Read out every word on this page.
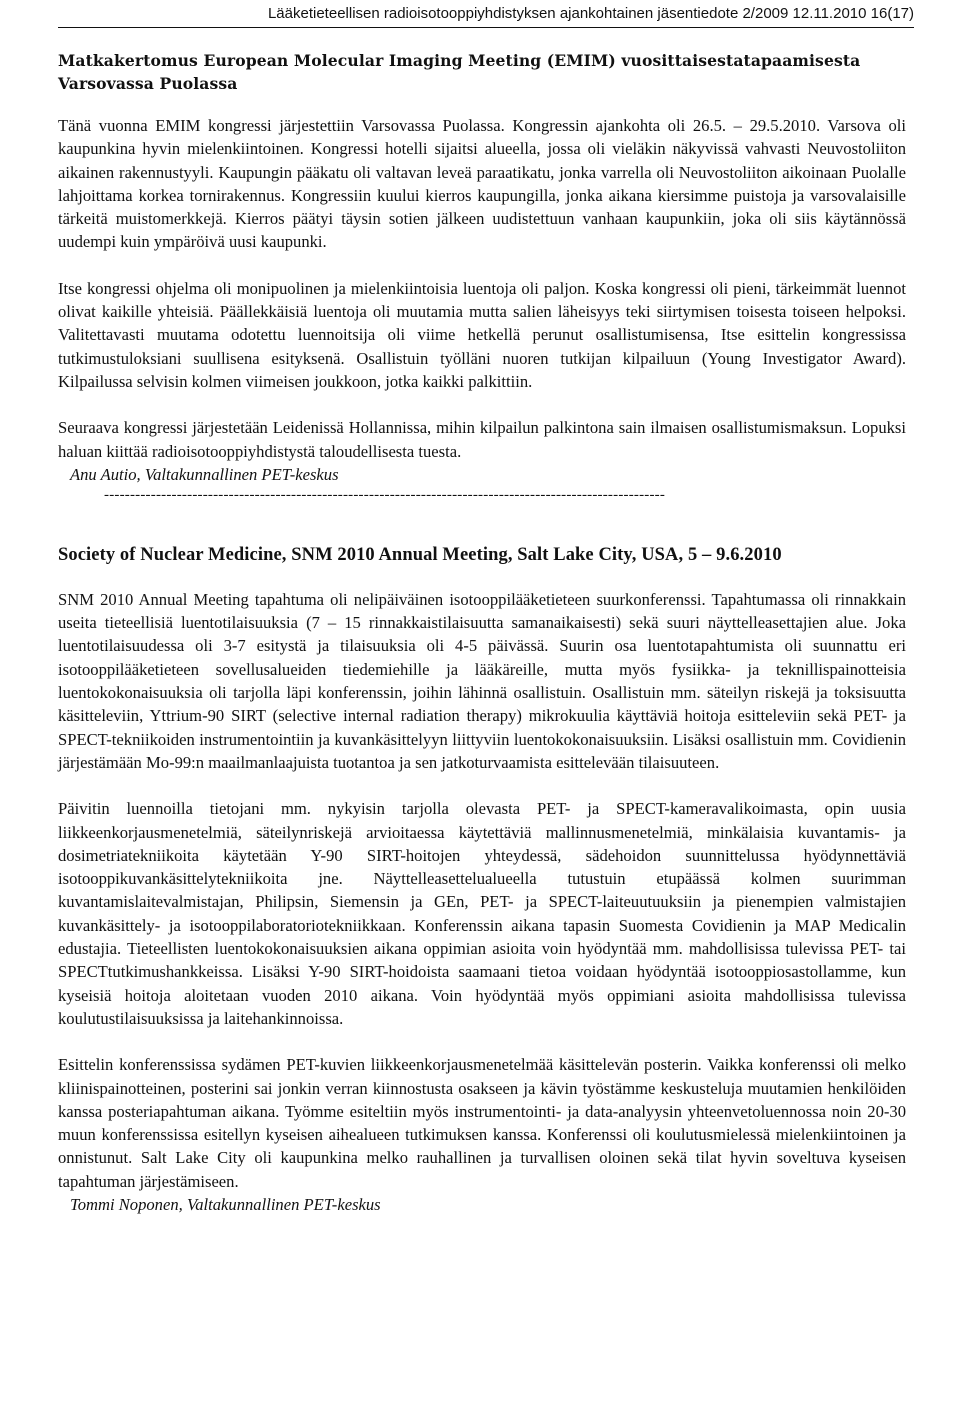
Lääketieteellisen radioisotooppiyhdistyksen ajankohtainen jäsentiedote 2/2009 12.11.2010 16(17)
Matkakertomus European Molecular Imaging Meeting (EMIM) vuosittaisestatapaamisesta Varsovassa Puolassa

Tänä vuonna EMIM kongressi järjestettiin Varsovassa Puolassa. Kongressin ajankohta oli 26.5. – 29.5.2010. Varsova oli kaupunkina hyvin mielenkiintoinen. Kongressi hotelli sijaitsi alueella, jossa oli vieläkin näkyvissä vahvasti Neuvostoliiton aikainen rakennustyyli. Kaupungin pääkatu oli valtavan leveä paraatikatu, jonka varrella oli Neuvostoliiton aikoinaan Puolalle lahjoittama korkea tornirakennus. Kongressiin kuului kierros kaupungilla, jonka aikana kiersimme puistoja ja varsovalaisille tärkeitä muistomerkkejä. Kierros päätyi täysin sotien jälkeen uudistettuun vanhaan kaupunkiin, joka oli siis käytännössä uudempi kuin ympäröivä uusi kaupunki.

Itse kongressi ohjelma oli monipuolinen ja mielenkiintoisia luentoja oli paljon. Koska kongressi oli pieni, tärkeimmät luennot olivat kaikille yhteisiä. Päällekkäisiä luentoja oli muutamia mutta salien läheisyys teki siirtymisen toisesta toiseen helpoksi. Valitettavasti muutama odotettu luennoitsija oli viime hetkellä perunut osallistumisensa, Itse esittelin kongressissa tutkimustuloksiani suullisena esityksenä. Osallistuin työlläni nuoren tutkijan kilpailuun (Young Investigator Award). Kilpailussa selvisin kolmen viimeisen joukkoon, jotka kaikki palkittiin.

Seuraava kongressi järjestetään Leidenissä Hollannissa, mihin kilpailun palkintona sain ilmaisen osallistumismaksun. Lopuksi haluan kiittää radioisotooppiyhdistystä taloudellisesta tuesta.

Anu Autio, Valtakunnallinen PET-keskus

------------------------------------------------------------------------------------------------------------
Society of Nuclear Medicine, SNM 2010 Annual Meeting, Salt Lake City, USA, 5 – 9.6.2010

SNM 2010 Annual Meeting tapahtuma oli nelipäiväinen isotooppilääketieteen suurkonferenssi. Tapahtumassa oli rinnakkain useita tieteellisiä luentotilaisuuksia (7 – 15 rinnakkaistilaisuutta samanaikaisesti) sekä suuri näyttelleasettajien alue. Joka luentotilaisuudessa oli 3-7 esitystä ja tilaisuuksia oli 4-5 päivässä. Suurin osa luentotapahtumista oli suunnattu eri isotooppilääketieteen sovellusalueiden tiedemiehille ja lääkäreille, mutta myös fysiikka- ja teknillispainotteisia luentokokonaisuuksia oli tarjolla läpi konferenssin, joihin lähinnä osallistuin. Osallistuin mm. säteilyn riskejä ja toksisuutta käsitteleviin, Yttrium-90 SIRT (selective internal radiation therapy) mikrokuulia käyttäviä hoitoja esitteleviin sekä PET- ja SPECT-tekniikoiden instrumentointiin ja kuvankäsittelyyn liittyviin luentokokonaisuuksiin. Lisäksi osallistuin mm. Covidienin järjestämään Mo-99:n maailmanlaajuista tuotantoa ja sen jatkoturvaamista esittelevään tilaisuuteen.

Päivitin luennoilla tietojani mm. nykyisin tarjolla olevasta PET- ja SPECT-kameravalikoimasta, opin uusia liikkeenkorjausmenetelmiä, säteilynriskejä arvioitaessa käytettäviä mallinnusmenetelmiä, minkälaisia kuvantamis- ja dosimetriatekniikoita käytetään Y-90 SIRT-hoitojen yhteydessä, sädehoidon suunnittelussa hyödynnettäviä isotooppikuvankäsittelytekniikoita jne. Näyttelleasettelualueella tutustuin etupäässä kolmen suurimman kuvantamislaitevalmistajan, Philipsin, Siemensin ja GEn, PET- ja SPECT-laiteuutuuksiin ja pienempien valmistajien kuvankäsittely- ja isotooppilaboratoriotekniikkaan. Konferenssin aikana tapasin Suomesta Covidienin ja MAP Medicalin edustajia. Tieteellisten luentokokonaisuuksien aikana oppimian asioita voin hyödyntää mm. mahdollisissa tulevissa PET- tai SPECTtutkimushankkeissa. Lisäksi Y-90 SIRT-hoidoista saamaani tietoa voidaan hyödyntää isotooppiosastollamme, kun kyseisiä hoitoja aloitetaan vuoden 2010 aikana. Voin hyödyntää myös oppimiani asioita mahdollisissa tulevissa koulutustilaisuuksissa ja laitehankinnoissa.

Esittelin konferenssissa sydämen PET-kuvien liikkeenkorjausmenetelmää käsittelevän posterin. Vaikka konferenssi oli melko kliinispainotteinen, posterini sai jonkin verran kiinnostusta osakseen ja kävin työstämme keskusteluja muutamien henkilöiden kanssa posteriapahtuman aikana. Työmme esiteltiin myös instrumentointi- ja data-analyysin yhteenvetoluennossa noin 20-30 muun konferenssissa esitellyn kyseisen aihealueen tutkimuksen kanssa. Konferenssi oli koulutusmielessä mielenkiintoinen ja onnistunut. Salt Lake City oli kaupunkina melko rauhallinen ja turvallisen oloinen sekä tilat hyvin soveltuva kyseisen tapahtuman järjestämiseen.

Tommi Noponen, Valtakunnallinen PET-keskus
